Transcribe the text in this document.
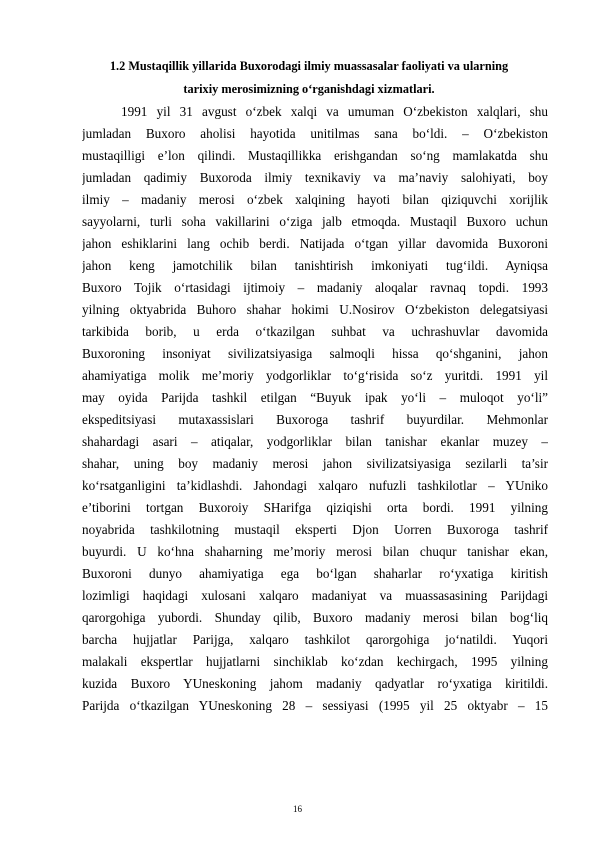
1.2 Mustaqillik yillarida Buxorodagi ilmiy muassasalar faoliyati va ularning
tarixiy merosimizning o‘rganishdagi xizmatlari.
1991 yil 31 avgust o‘zbek xalqi va umuman O‘zbekiston xalqlari, shu
jumladan Buxoro aholisi hayotida unitilmas sana bo‘ldi. – O‘zbekiston
mustaqilligi e’lon qilindi. Mustaqillikka erishgandan so‘ng mamlakatda shu
jumladan qadimiy Buxoroda ilmiy texnikaviy va ma’naviy salohiyati, boy
ilmiy – madaniy merosi o‘zbek xalqining hayoti bilan qiziquvchi xorijlik
sayyolarni, turli soha vakillarini o‘ziga jalb etmoqda. Mustaqil Buxoro uchun
jahon eshiklarini lang ochib berdi. Natijada o‘tgan yillar davomida Buxoroni
jahon keng jamotchilik bilan tanishtirish imkoniyati tug‘ildi. Ayniqsa
Buxoro Tojik o‘rtasidagi ijtimoiy – madaniy aloqalar ravnaq topdi. 1993
yilning oktyabrida Buhoro shahar hokimi U.Nosirov O‘zbekiston delegatsiyasi
tarkibida borib, u erda o‘tkazilgan suhbat va uchrashuvlar davomida
Buxoroning insoniyat sivilizatsiyasiga salmoqli hissa qo‘shganini, jahon
ahamiyatiga molik me’moriy yodgorliklar to‘g‘risida so‘z yuritdi. 1991 yil
may oyida Parijda tashkil etilgan “Buyuk ipak yo‘li – muloqot yo‘li”
ekspeditsiyasi mutaxassislari Buxoroga tashrif buyurdilar. Mehmonlar
shahardagi asari – atiqalar, yodgorliklar bilan tanishar ekanlar muzey –
shahar, uning boy madaniy merosi jahon sivilizatsiyasiga sezilarli ta’sir
ko‘rsatganligini ta’kidlashdi. Jahondagi xalqaro nufuzli tashkilotlar – YUniko
e’tiborini tortgan Buxoroiy SHarifga qiziqishi orta bordi. 1991 yilning
noyabrida tashkilotning mustaqil eksperti Djon Uorren Buxoroga tashrif
buyurdi. U ko‘hna shaharning me’moriy merosi bilan chuqur tanishar ekan,
Buxoroni dunyo ahamiyatiga ega bo‘lgan shaharlar ro‘yxatiga kiritish
lozimligi haqidagi xulosani xalqaro madaniyat va muassasasining Parijdagi
qarorgohiga yubordi. Shunday qilib, Buxoro madaniy merosi bilan bog‘liq
barcha hujjatlar Parijga, xalqaro tashkilot qarorgohiga jo‘natildi. Yuqori
malakali ekspertlar hujjatlarni sinchiklab ko‘zdan kechirgach, 1995 yilning
kuzida Buxoro YUneskoning jahom madaniy qadyatlar ro‘yxatiga kiritildi.
Parijda o‘tkazilgan YUneskoning 28 – sessiyasi (1995 yil 25 oktyabr – 15
16
